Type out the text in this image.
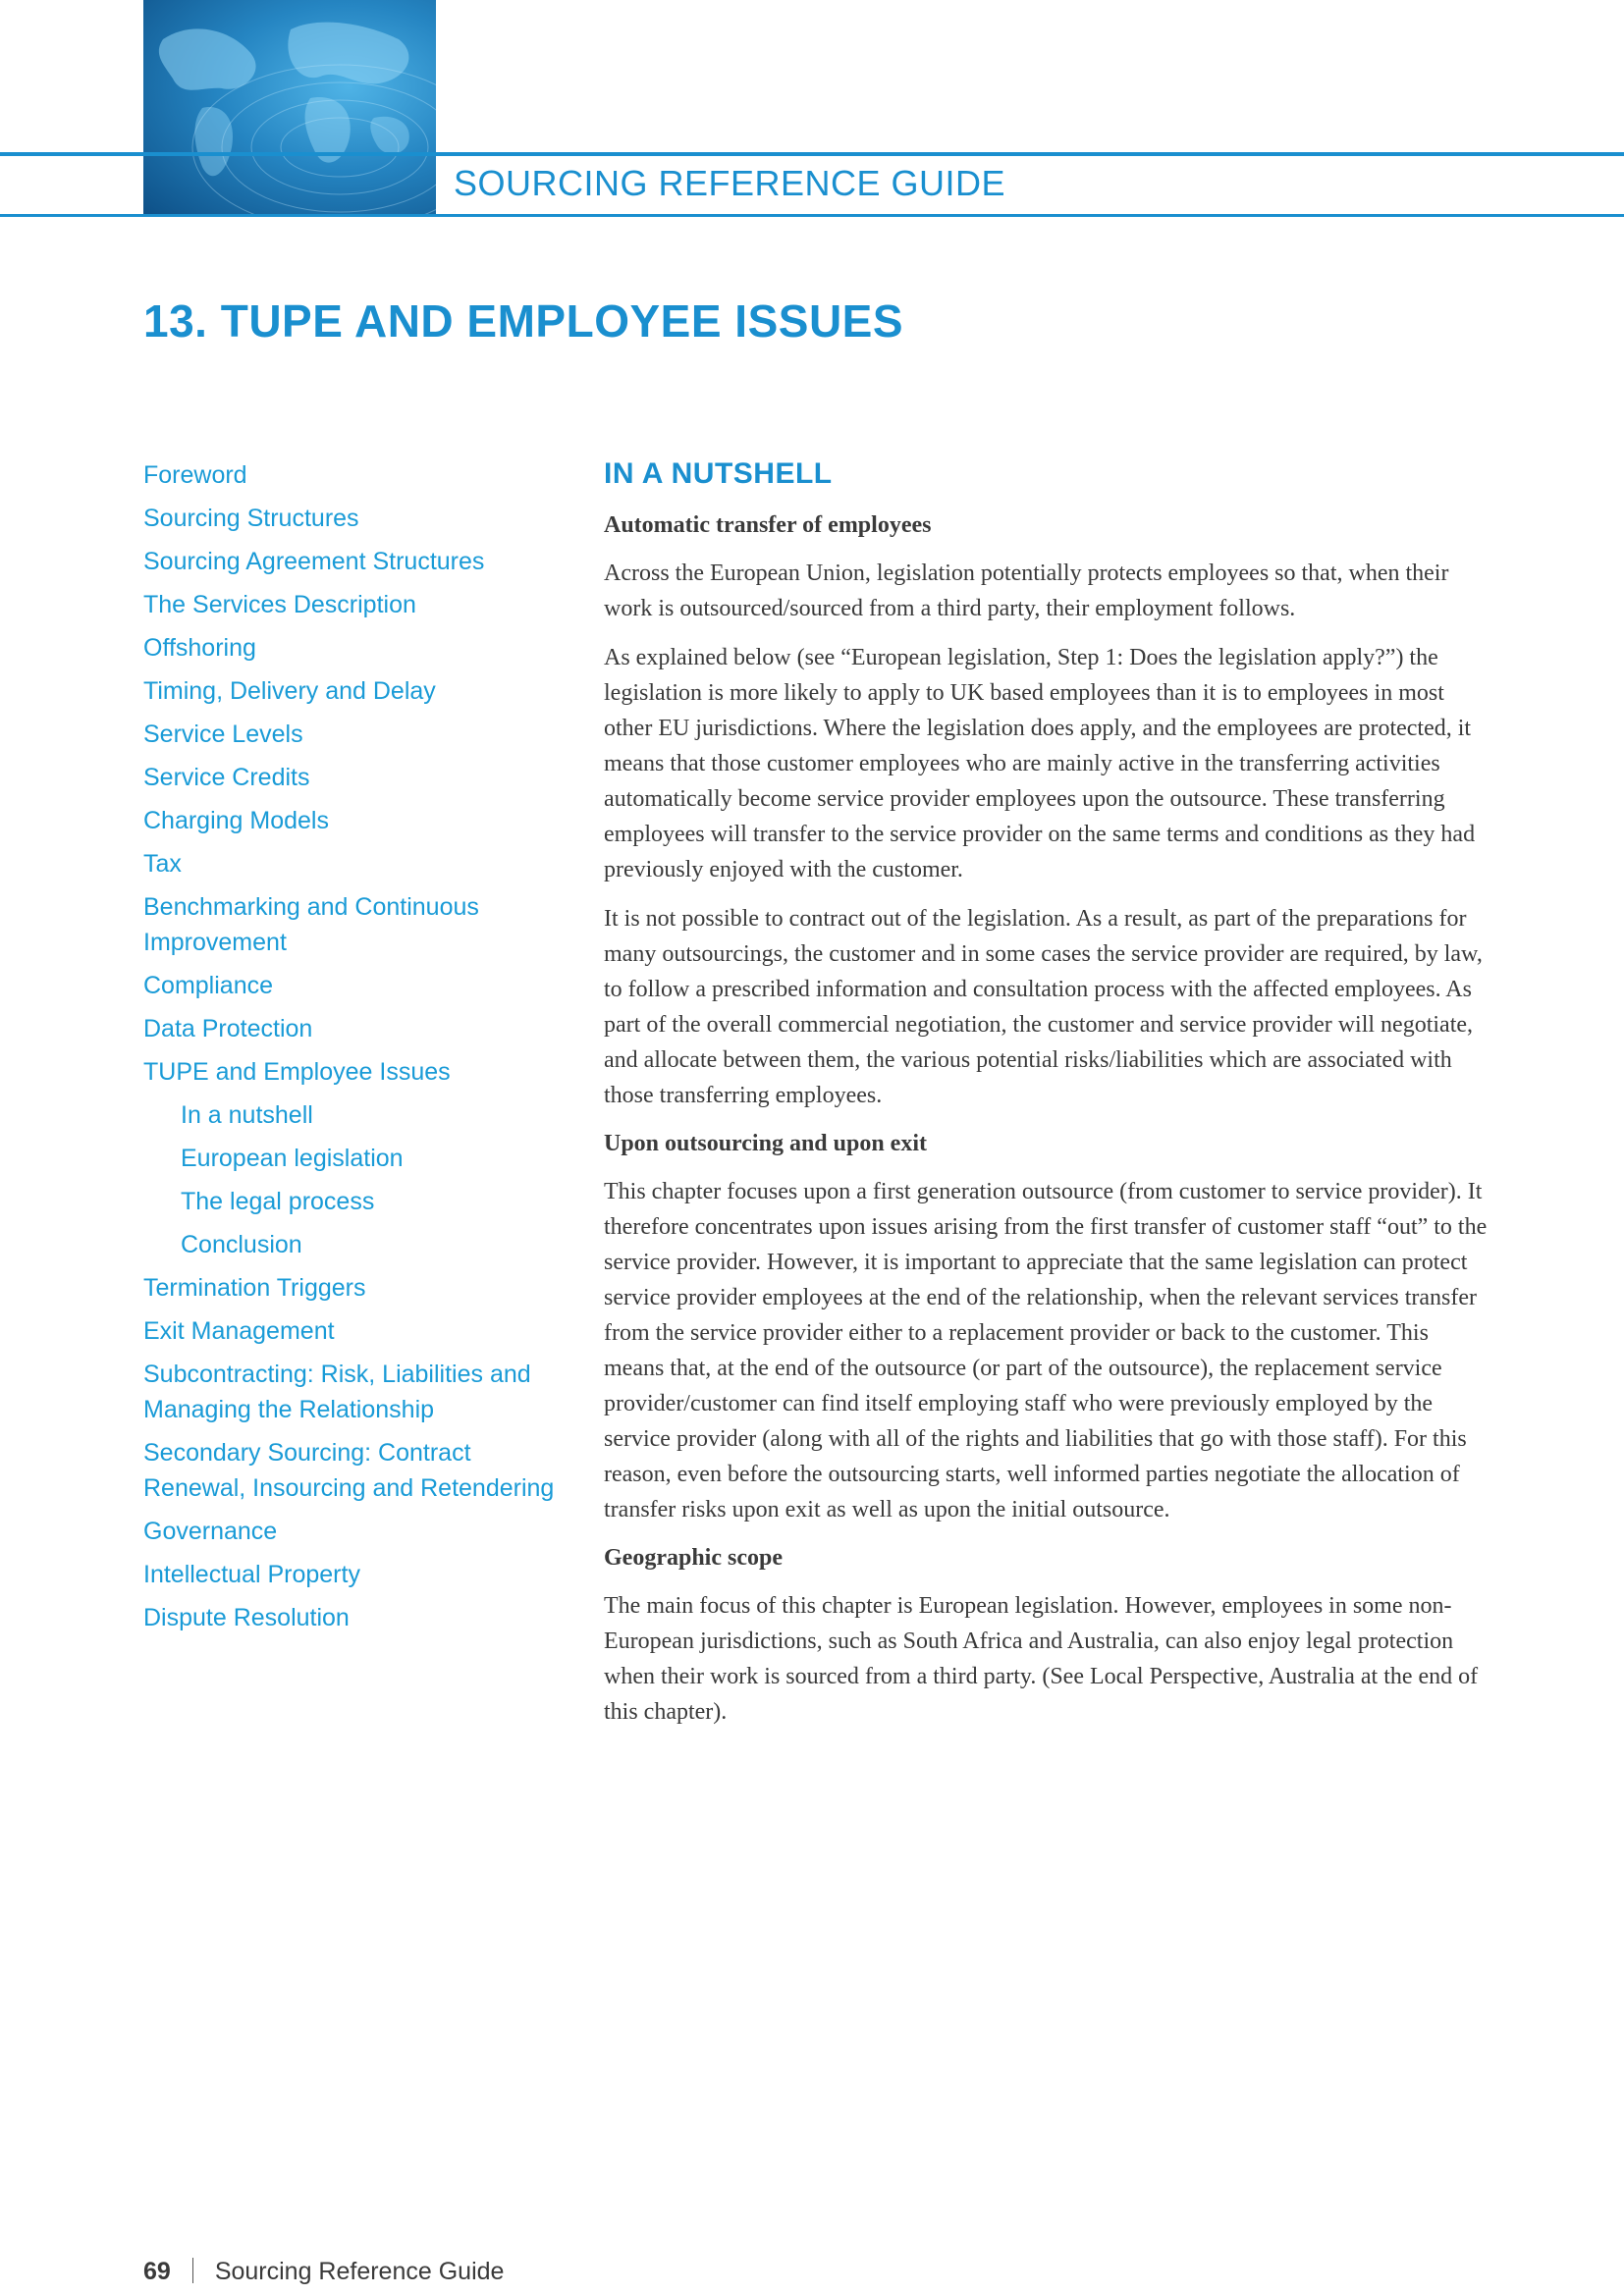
SOURCING REFERENCE GUIDE
13. TUPE AND EMPLOYEE ISSUES
Foreword
Sourcing Structures
Sourcing Agreement Structures
The Services Description
Offshoring
Timing, Delivery and Delay
Service Levels
Service Credits
Charging Models
Tax
Benchmarking and Continuous Improvement
Compliance
Data Protection
TUPE and Employee Issues
In a nutshell
European legislation
The legal process
Conclusion
Termination Triggers
Exit Management
Subcontracting: Risk, Liabilities and Managing the Relationship
Secondary Sourcing: Contract Renewal, Insourcing and Retendering
Governance
Intellectual Property
Dispute Resolution
IN A NUTSHELL

Automatic transfer of employees

Across the European Union, legislation potentially protects employees so that, when their work is outsourced/sourced from a third party, their employment follows.

As explained below (see “European legislation, Step 1: Does the legislation apply?”) the legislation is more likely to apply to UK based employees than it is to employees in most other EU jurisdictions. Where the legislation does apply, and the employees are protected, it means that those customer employees who are mainly active in the transferring activities automatically become service provider employees upon the outsource. These transferring employees will transfer to the service provider on the same terms and conditions as they had previously enjoyed with the customer.

It is not possible to contract out of the legislation. As a result, as part of the preparations for many outsourcings, the customer and in some cases the service provider are required, by law, to follow a prescribed information and consultation process with the affected employees. As part of the overall commercial negotiation, the customer and service provider will negotiate, and allocate between them, the various potential risks/liabilities which are associated with those transferring employees.

Upon outsourcing and upon exit

This chapter focuses upon a first generation outsource (from customer to service provider). It therefore concentrates upon issues arising from the first transfer of customer staff “out” to the service provider. However, it is important to appreciate that the same legislation can protect service provider employees at the end of the relationship, when the relevant services transfer from the service provider either to a replacement provider or back to the customer. This means that, at the end of the outsource (or part of the outsource), the replacement service provider/customer can find itself employing staff who were previously employed by the service provider (along with all of the rights and liabilities that go with those staff). For this reason, even before the outsourcing starts, well informed parties negotiate the allocation of transfer risks upon exit as well as upon the initial outsource.

Geographic scope

The main focus of this chapter is European legislation. However, employees in some non-European jurisdictions, such as South Africa and Australia, can also enjoy legal protection when their work is sourced from a third party. (See Local Perspective, Australia at the end of this chapter).

69 Sourcing Reference Guide
